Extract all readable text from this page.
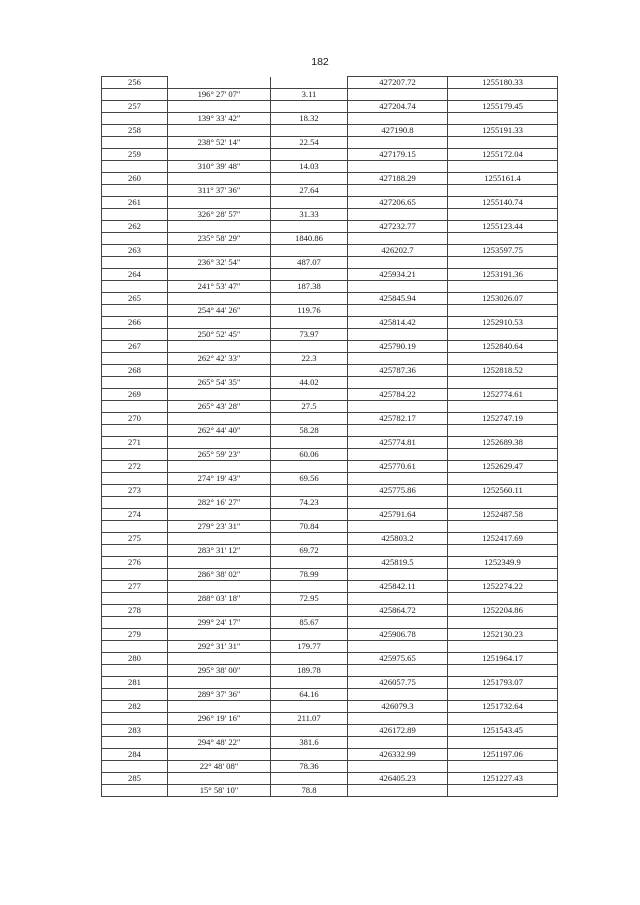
182
256			427207.72	1255180.33
	196° 27' 07"	3.11		
257			427204.74	1255179.45
	139° 33' 42"	18.32		
258			427190.8	1255191.33
	238° 52' 14"	22.54		
259			427179.15	1255172.04
	310° 39' 48"	14.03		
260			427188.29	1255161.4
	311° 37' 36"	27.64		
261			427206.65	1255140.74
	326° 28' 57"	31.33		
262			427232.77	1255123.44
	235° 58' 29"	1840.86		
263			426202.7	1253597.75
	236° 32' 54"	487.07		
264			425934.21	1253191.36
	241° 53' 47"	187.38		
265			425845.94	1253026.07
	254° 44' 26"	119.76		
266			425814.42	1252910.53
	250° 52' 45"	73.97		
267			425790.19	1252840.64
	262° 42' 33"	22.3		
268			425787.36	1252818.52
	265° 54' 35"	44.02		
269			425784.22	1252774.61
	265° 43' 28"	27.5		
270			425782.17	1252747.19
	262° 44' 40"	58.28		
271			425774.81	1252689.38
	265° 59' 23"	60.06		
272			425770.61	1252629.47
	274° 19' 43"	69.56		
273			425775.86	1252560.11
	282° 16' 27"	74.23		
274			425791.64	1252487.58
	279° 23' 31"	70.84		
275			425803.2	1252417.69
	283° 31' 12"	69.72		
276			425819.5	1252349.9
	286° 38' 02"	78.99		
277			425842.11	1252274.22
	288° 03' 18"	72.95		
278			425864.72	1252204.86
	299° 24' 17"	85.67		
279			425906.78	1252130.23
	292° 31' 31"	179.77		
280			425975.65	1251964.17
	295° 38' 00"	189.78		
281			426057.75	1251793.07
	289° 37' 36"	64.16		
282			426079.3	1251732.64
	296° 19' 16"	211.07		
283			426172.89	1251543.45
	294° 48' 22"	381.6		
284			426332.99	1251197.06
	22° 48' 08"	78.36		
285			426405.23	1251227.43
	15° 58' 10"	78.8		
